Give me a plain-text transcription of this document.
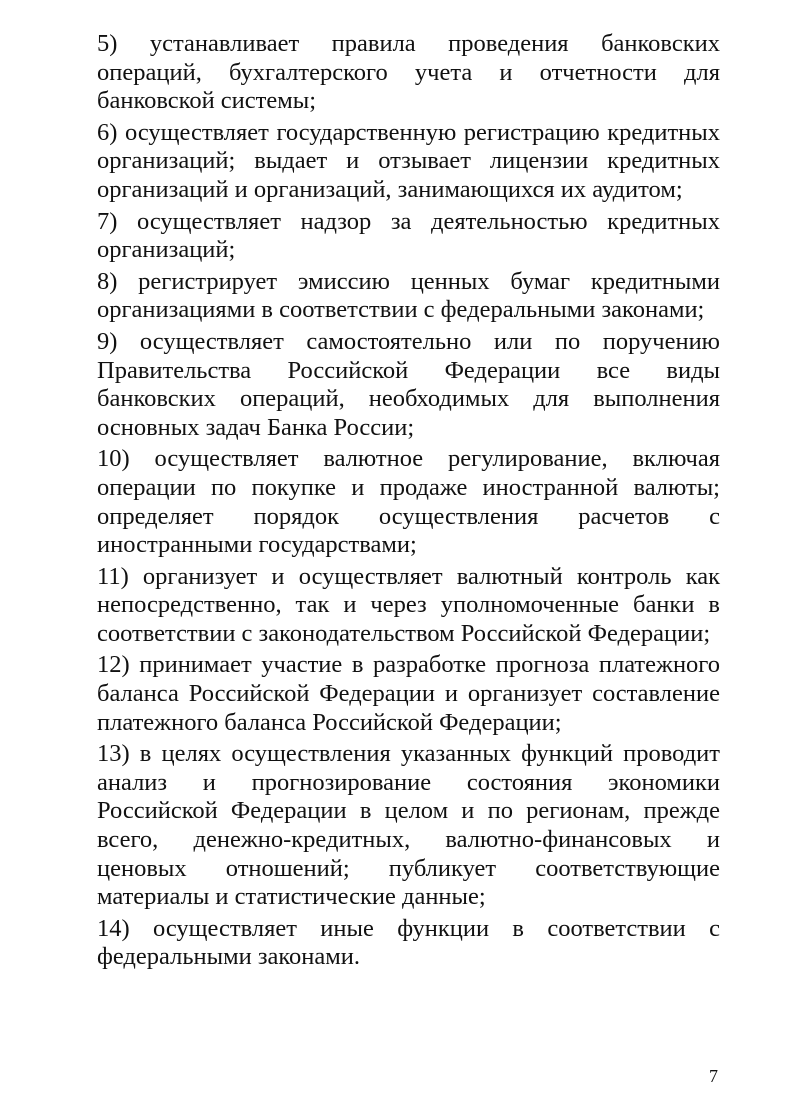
5) устанавливает правила проведения банковских операций, бухгалтерского учета и отчетности для банковской системы;

6) осуществляет государственную регистрацию кредитных организаций; выдает и отзывает лицензии кредитных организаций и организаций, занимающихся их аудитом;

7) осуществляет надзор за деятельностью кредитных организаций;

8) регистрирует эмиссию ценных бумаг кредитными организациями в соответствии с федеральными законами;

9) осуществляет самостоятельно или по поручению Правительства Российской Федерации все виды банковских операций, необходимых для выполнения основных задач Банка России;

10) осуществляет валютное регулирование, включая операции по покупке и продаже иностранной валюты; определяет порядок осуществления расчетов с иностранными государствами;

11) организует и осуществляет валютный контроль как непосредственно, так и через уполномоченные банки в соответствии с законодательством Российской Федерации;

12) принимает участие в разработке прогноза платежного баланса Российской Федерации и организует составление платежного баланса Российской Федерации;

13) в целях осуществления указанных функций проводит анализ и прогнозирование состояния экономики Российской Федерации в целом и по регионам, прежде всего, денежно-кредитных, валютно-финансовых и ценовых отношений; публикует соответствующие материалы и статистические данные;

14) осуществляет иные функции в соответствии с федеральными законами.

7
